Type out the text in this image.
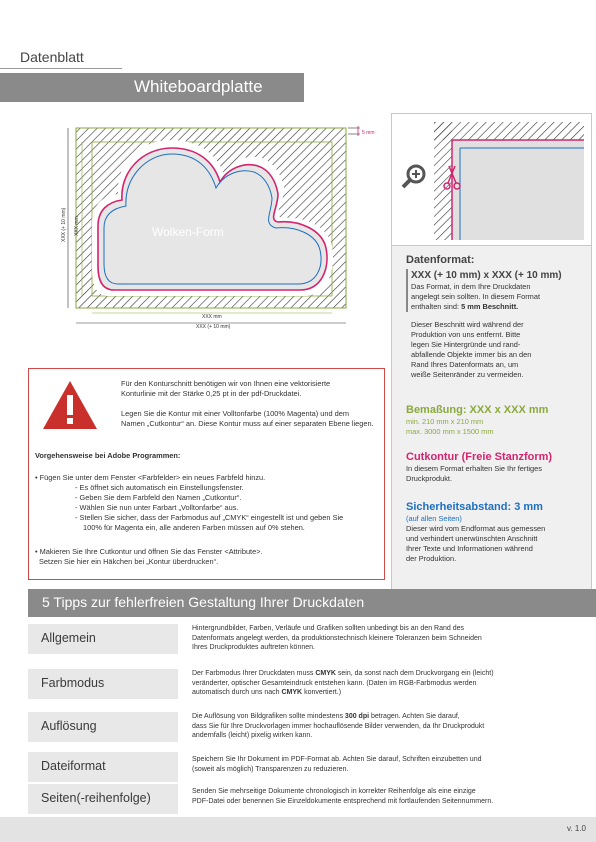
Datenblatt
Whiteboardplatte
Wolken-Form
5 mm
XXX (+ 10 mm) XXX mm
XXX mm
XXX (+ 10 mm)
Datenformat:
XXX (+ 10 mm) x XXX (+ 10 mm)
Das Format, in dem Ihre Druckdaten
angelegt sein sollten. In diesem Format
enthalten sind: 5 mm Beschnitt.
Dieser Beschnitt wird während der
Produktion von uns entfernt. Bitte
legen Sie Hintergründe und rand-
abfallende Objekte immer bis an den
Rand Ihres Datenformats an, um
weiße Seitenränder zu vermeiden.
Bemaßung: XXX x XXX mm
min. 210 mm x 210 mm
max. 3000 mm x 1500 mm
Cutkontur (Freie Stanzform)
In diesem Format erhalten Sie Ihr fertiges
Druckprodukt.
Sicherheitsabstand: 3 mm
(auf allen Seiten)
Dieser wird vom Endformat aus gemessen
und verhindert unerwünschten Anschnitt
Ihrer Texte und Informationen während
der Produktion.
Für den Konturschnitt benötigen wir von Ihnen eine vektorisierte
Konturlinie mit der Stärke 0,25 pt in der pdf-Druckdatei.
Legen Sie die Kontur mit einer Volltonfarbe (100% Magenta) und dem
Namen „Cutkontur“ an. Diese Kontur muss auf einer separaten Ebene liegen.
Vorgehensweise bei Adobe Programmen:
• Fügen Sie unter dem Fenster <Farbfelder> ein neues Farbfeld hinzu.
- Es öffnet sich automatisch ein Einstellungsfenster.
- Geben Sie dem Farbfeld den Namen „Cutkontur“.
- Wählen Sie nun unter Farbart „Volltonfarbe“ aus.
- Stellen Sie sicher, dass der Farbmodus auf „CMYK“ eingestellt ist und geben Sie
100% für Magenta ein, alle anderen Farben müssen auf 0% stehen.
• Makieren Sie Ihre Cutkontur und öffnen Sie das Fenster <Attribute>.
Setzen Sie hier ein Häkchen bei „Kontur überdrucken“.
5 Tipps zur fehlerfreien Gestaltung Ihrer Druckdaten
Allgemein
Hintergrundbilder, Farben, Verläufe und Grafiken sollten unbedingt bis an den Rand des
Datenformats angelegt werden, da produktionstechnisch kleinere Toleranzen beim Schneiden
Ihres Druckproduktes auftreten können.
Farbmodus
Der Farbmodus Ihrer Druckdaten muss CMYK sein, da sonst nach dem Druckvorgang ein (leicht)
veränderter, optischer Gesamteindruck entstehen kann. (Daten im RGB-Farbmodus werden
automatisch durch uns nach CMYK konvertiert.)
Auflösung
Die Auflösung von Bildgrafiken sollte mindestens 300 dpi betragen. Achten Sie darauf,
dass Sie für Ihre Druckvorlagen immer hochauflösende Bilder verwenden, da Ihr Druckprodukt
andernfalls (leicht) pixelig wirken kann.
Dateiformat	Speichern Sie Ihr Dokument im PDF-Format ab. Achten Sie darauf, Schriften einzubetten und
(soweit als möglich) Transparenzen zu reduzieren.
Seiten(-reihenfolge)	Senden Sie mehrseitige Dokumente chronologisch in korrekter Reihenfolge als eine einzige
PDF-Datei oder benennen Sie Einzeldokumente entsprechend mit fortlaufenden Seitennummern.
v. 1.0
